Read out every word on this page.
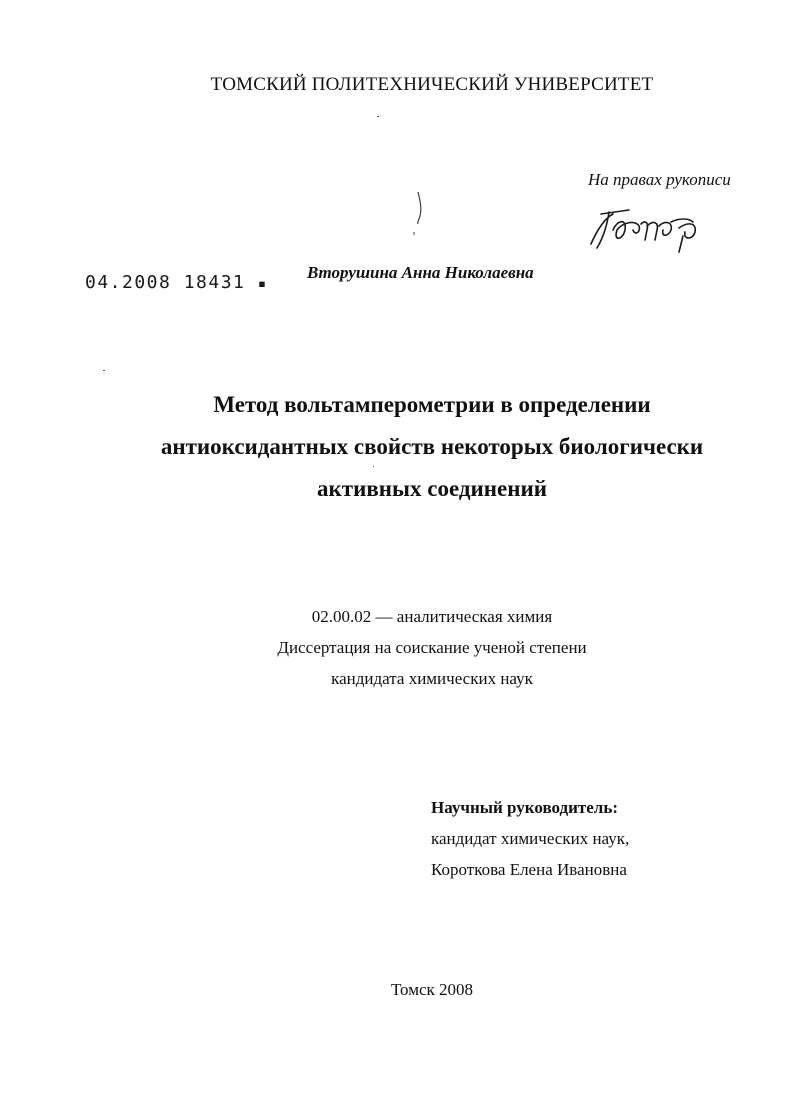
ТОМСКИЙ ПОЛИТЕХНИЧЕСКИЙ УНИВЕРСИТЕТ
На правах рукописи
04.2008 18431 ▪
Вторушина Анна Николаевна
Метод вольтамперометрии в определении
антиоксидантных свойств некоторых биологически
активных соединений
02.00.02 — аналитическая химия
Диссертация на соискание ученой степени
кандидата химических наук
Научный руководитель:
кандидат химических наук,
Короткова Елена Ивановна
Томск 2008
